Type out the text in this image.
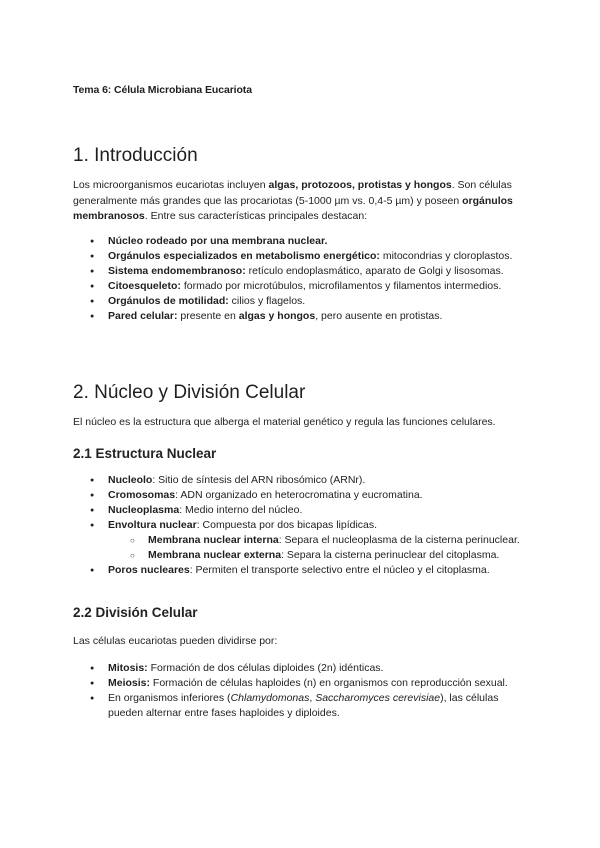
Tema 6: Célula Microbiana Eucariota
1. Introducción

Los microorganismos eucariotas incluyen algas, protozoos, protistas y hongos. Son células generalmente más grandes que las procariotas (5-1000 µm vs. 0,4-5 µm) y poseen orgánulos membranosos. Entre sus características principales destacan:

● Núcleo rodeado por una membrana nuclear.
● Orgánulos especializados en metabolismo energético: mitocondrias y cloroplastos.
● Sistema endomembranoso: retículo endoplasmático, aparato de Golgi y lisosomas.
● Citoesqueleto: formado por microtúbulos, microfilamentos y filamentos intermedios.
● Orgánulos de motilidad: cilios y flagelos.
● Pared celular: presente en algas y hongos, pero ausente en protistas.
2. Núcleo y División Celular

El núcleo es la estructura que alberga el material genético y regula las funciones celulares.

2.1 Estructura Nuclear
● Nucleolo: Sitio de síntesis del ARN ribosómico (ARNr).
● Cromosomas: ADN organizado en heterocromatina y eucromatina.
● Nucleoplasma: Medio interno del núcleo.
● Envoltura nuclear: Compuesta por dos bicapas lipídicas.
○ Membrana nuclear interna: Separa el nucleoplasma de la cisterna perinuclear.
○ Membrana nuclear externa: Separa la cisterna perinuclear del citoplasma.
● Poros nucleares: Permiten el transporte selectivo entre el núcleo y el citoplasma.
2.2 División Celular

Las células eucariotas pueden dividirse por:

● Mitosis: Formación de dos células diploides (2n) idénticas.
● Meiosis: Formación de células haploides (n) en organismos con reproducción sexual.
● En organismos inferiores (Chlamydomonas, Saccharomyces cerevisiae), las células pueden alternar entre fases haploides y diploides.
